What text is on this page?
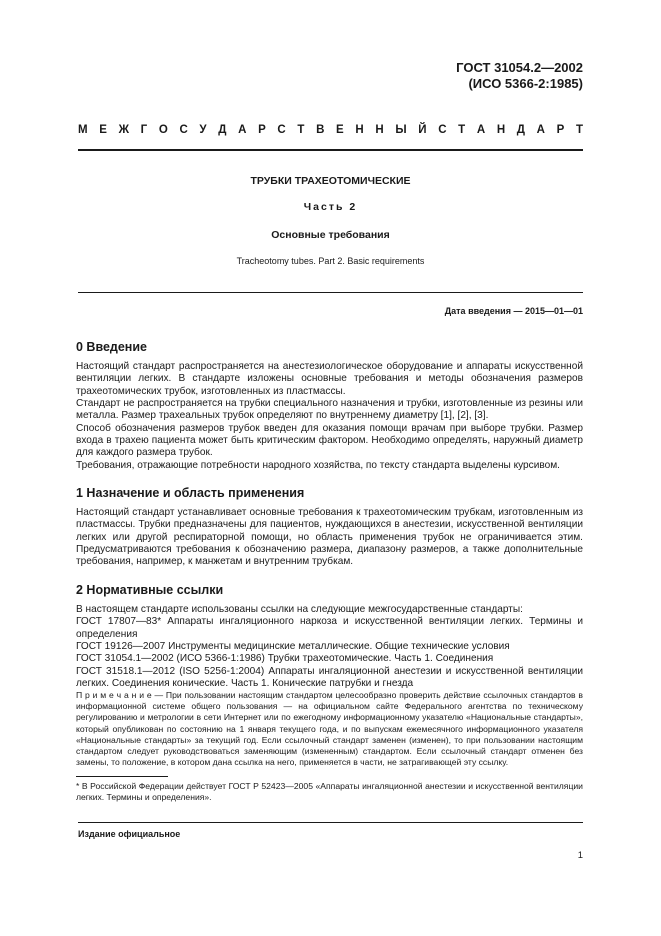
ГОСТ 31054.2—2002
(ИСО 5366-2:1985)
М Е Ж Г О С У Д А Р С Т В Е Н Н Ы Й С Т А Н Д А Р Т
ТРУБКИ ТРАХЕОТОМИЧЕСКИЕ
Часть 2
Основные требования
Tracheotomy tubes. Part 2. Basic requirements
Дата введения — 2015—01—01
0 Введение

Настоящий стандарт распространяется на анестезиологическое оборудование и аппараты искусственной вентиляции легких. В стандарте изложены основные требования и методы обозначения размеров трахеотомических трубок, изготовленных из пластмассы.

Стандарт не распространяется на трубки специального назначения и трубки, изготовленные из резины или металла. Размер трахеальных трубок определяют по внутреннему диаметру [1], [2], [3].

Способ обозначения размеров трубок введен для оказания помощи врачам при выборе трубки. Размер входа в трахею пациента может быть критическим фактором. Необходимо определять, наружный диаметр для каждого размера трубок.

Требования, отражающие потребности народного хозяйства, по тексту стандарта выделены курсивом.

1 Назначение и область применения

Настоящий стандарт устанавливает основные требования к трахеотомическим трубкам, изготовленным из пластмассы. Трубки предназначены для пациентов, нуждающихся в анестезии, искусственной вентиляции легких или другой респираторной помощи, но область применения трубок не ограничивается этим. Предусматриваются требования к обозначению размера, диапазону размеров, а также дополнительные требования, например, к манжетам и внутренним трубкам.

2 Нормативные ссылки

В настоящем стандарте использованы ссылки на следующие межгосударственные стандарты:

ГОСТ 17807—83* Аппараты ингаляционного наркоза и искусственной вентиляции легких. Термины и определения

ГОСТ 19126—2007 Инструменты медицинские металлические. Общие технические условия

ГОСТ 31054.1—2002 (ИСО 5366-1:1986) Трубки трахеотомические. Часть 1. Соединения

ГОСТ 31518.1—2012 (ISO 5256-1:2004) Аппараты ингаляционной анестезии и искусственной вентиляции легких. Соединения конические. Часть 1. Конические патрубки и гнезда

П р и м е ч а н и е — При пользовании настоящим стандартом целесообразно проверить действие ссылочных стандартов в информационной системе общего пользования — на официальном сайте Федерального агентства по техническому регулированию и метрологии в сети Интернет или по ежегодному информационному указателю «Национальные стандарты», который опубликован по состоянию на 1 января текущего года, и по выпускам ежемесячного информационного указателя «Национальные стандарты» за текущий год. Если ссылочный стандарт заменен (изменен), то при пользовании настоящим стандартом следует руководствоваться заменяющим (измененным) стандартом. Если ссылочный стандарт отменен без замены, то положение, в котором дана ссылка на него, применяется в части, не затрагивающей эту ссылку.

* В Российской Федерации действует ГОСТ Р 52423—2005 «Аппараты ингаляционной анестезии и искусственной вентиляции легких. Термины и определения».

Издание официальное
1
